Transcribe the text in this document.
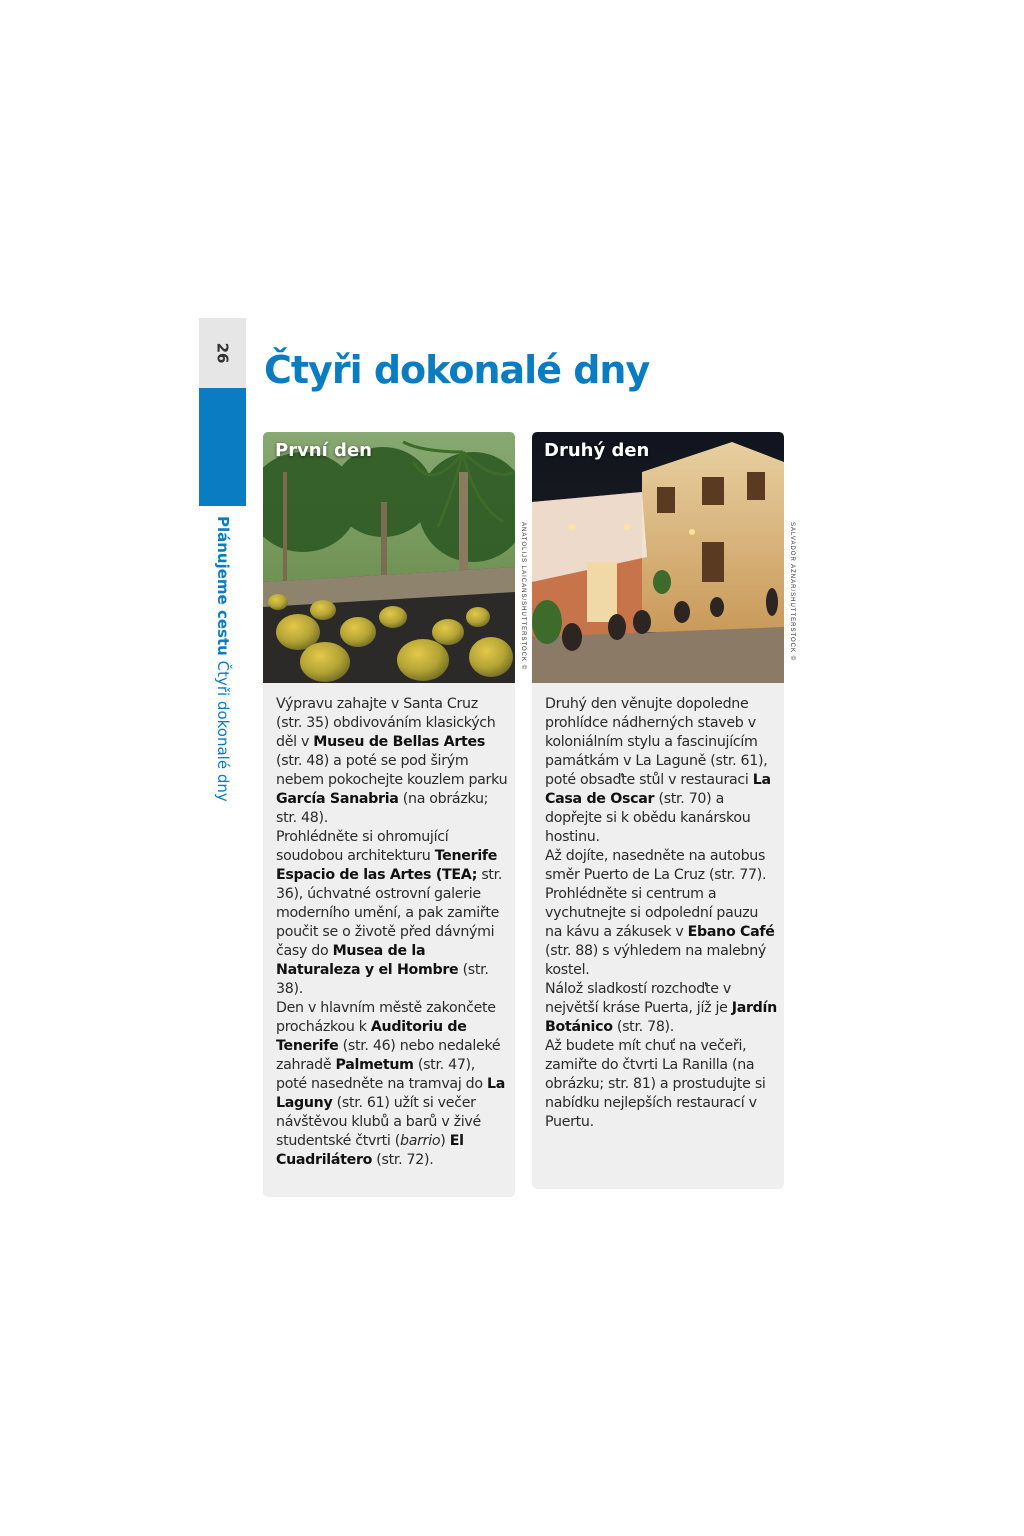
26
Plánujeme cestu Čtyři dokonalé dny
Čtyři dokonalé dny
První den

Výpravu zahajte v Santa Cruz (str. 35) obdivováním klasických děl v Museu de Bellas Artes (str. 48) a poté se pod širým nebem pokochejte kouzlem parku García Sanabria (na obrázku; str. 48).

Prohlédněte si ohromující soudobou architekturu Tenerife Espacio de las Artes (TEA; str. 36), úchvatné ostrovní galerie moderního umění, a pak zamiřte poučit se o životě před dávnými časy do Musea de la Naturaleza y el Hombre (str. 38).

Den v hlavním městě zakončete procházkou k Auditoriu de Tenerife (str. 46) nebo nedaleké zahradě Palmetum (str. 47), poté nasedněte na tramvaj do La Laguny (str. 61) užít si večer návštěvou klubů a barů v živé studentské čtvrti (barrio) El Cuadrilátero (str. 72).

ANATOLIJS LAICANS/SHUTTERSTOCK ©
Druhý den

Druhý den věnujte dopoledne prohlídce nádherných staveb v koloniálním stylu a fascinujícím památkám v La Laguně (str. 61), poté obsaďte stůl v restauraci La Casa de Oscar (str. 70) a dopřejte si k obědu kanárskou hostinu.

Až dojíte, nasedněte na autobus směr Puerto de La Cruz (str. 77). Prohlédněte si centrum a vychutnejte si odpolední pauzu na kávu a zákusek v Ebano Café (str. 88) s výhledem na malebný kostel.

Nálož sladkostí rozchoďte v největší kráse Puerta, jíž je Jardín Botánico (str. 78).

Až budete mít chuť na večeři, zamiřte do čtvrti La Ranilla (na obrázku; str. 81) a prostudujte si nabídku nejlepších restaurací v Puertu.

SALVADOR AZNAR/SHUTTERSTOCK ©
